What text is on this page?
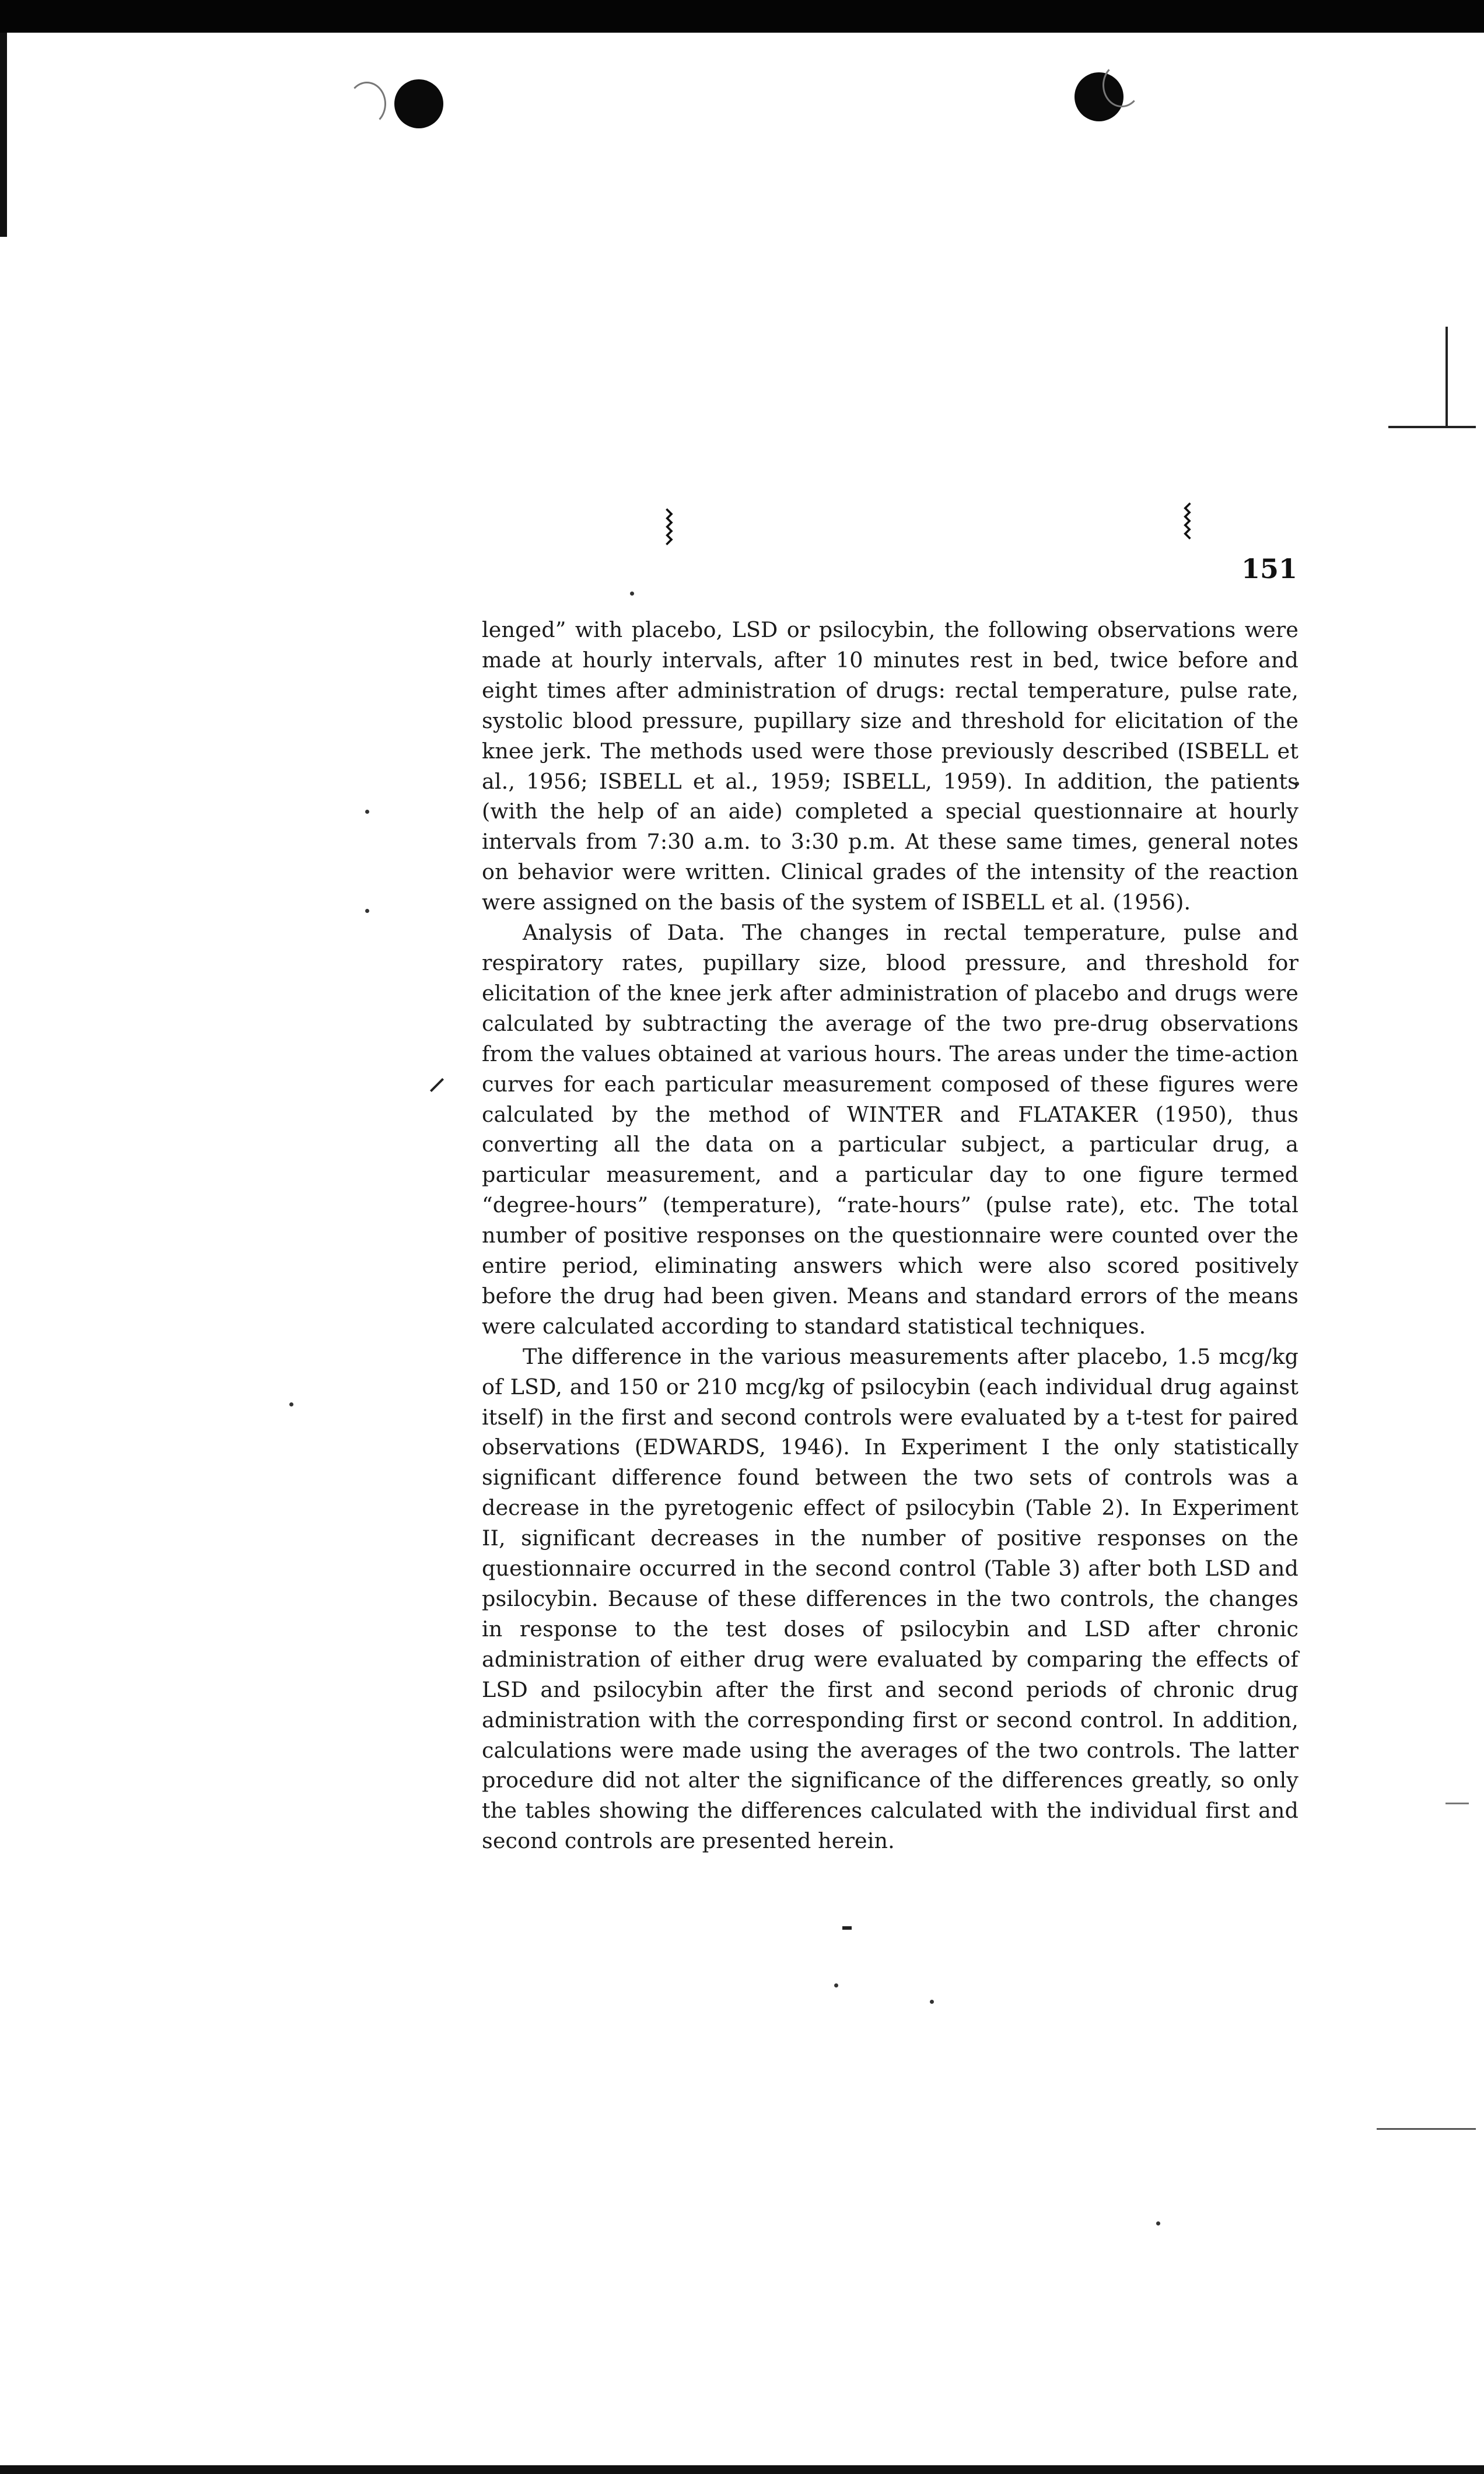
⧘	⧙
151

lenged” with placebo, LSD or psilocybin, the following observations were made at hourly intervals, after 10 minutes rest in bed, twice before and eight times after administration of drugs: rectal temperature, pulse rate, systolic blood pressure, pupillary size and threshold for elicitation of the knee jerk. The methods used were those previously described (ISBELL et al., 1956; ISBELL et al., 1959; ISBELL, 1959). In addition, the patients (with the help of an aide) completed a special questionnaire at hourly intervals from 7:30 a.m. to 3:30 p.m. At these same times, general notes on behavior were written. Clinical grades of the intensity of the reaction were assigned on the basis of the system of ISBELL et al. (1956).

Analysis of Data. The changes in rectal temperature, pulse and respiratory rates, pupillary size, blood pressure, and threshold for elicitation of the knee jerk after administration of placebo and drugs were calculated by subtracting the average of the two pre-drug observations from the values obtained at various hours. The areas under the time-action curves for each particular measurement composed of these figures were calculated by the method of WINTER and FLATAKER (1950), thus converting all the data on a particular subject, a particular drug, a particular measurement, and a particular day to one figure termed “degree-hours” (temperature), “rate-hours” (pulse rate), etc. The total number of positive responses on the questionnaire were counted over the entire period, eliminating answers which were also scored positively before the drug had been given. Means and standard errors of the means were calculated according to standard statistical techniques.

The difference in the various measurements after placebo, 1.5 mcg/kg of LSD, and 150 or 210 mcg/kg of psilocybin (each individual drug against itself) in the first and second controls were evaluated by a t-test for paired observations (EDWARDS, 1946). In Experiment I the only statistically significant difference found between the two sets of controls was a decrease in the pyretogenic effect of psilocybin (Table 2). In Experiment II, significant decreases in the number of positive responses on the questionnaire occurred in the second control (Table 3) after both LSD and psilocybin. Because of these differences in the two controls, the changes in response to the test doses of psilocybin and LSD after chronic administration of either drug were evaluated by comparing the effects of LSD and psilocybin after the first and second periods of chronic drug administration with the corresponding first or second control. In addition, calculations were made using the averages of the two controls. The latter procedure did not alter the significance of the differences greatly, so only the tables showing the differences calculated with the individual first and second controls are presented herein.
